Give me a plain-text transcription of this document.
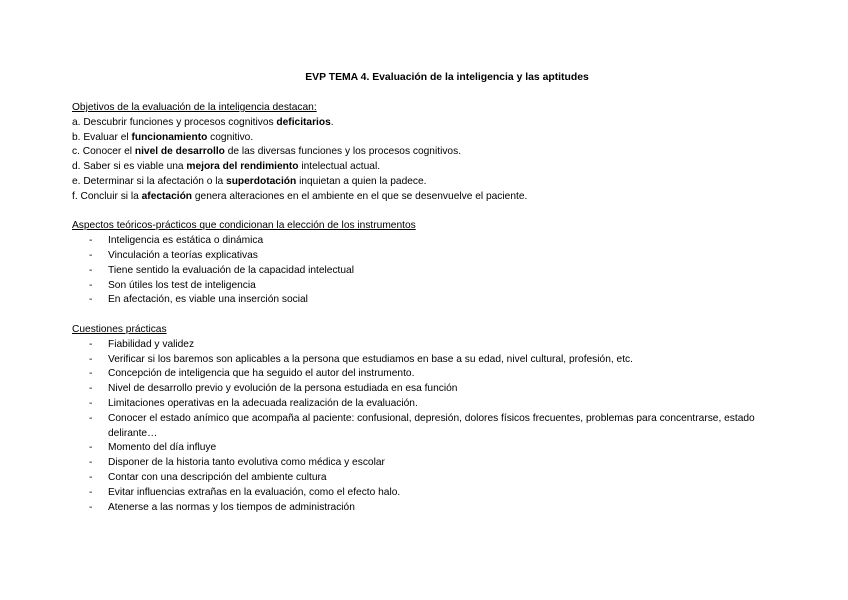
EVP TEMA 4. Evaluación de la inteligencia y las aptitudes
Objetivos de la evaluación de la inteligencia destacan:
a. Descubrir funciones y procesos cognitivos deficitarios.
b. Evaluar el funcionamiento cognitivo.
c. Conocer el nivel de desarrollo de las diversas funciones y los procesos cognitivos.
d. Saber si es viable una mejora del rendimiento intelectual actual.
e. Determinar si la afectación o la superdotación inquietan a quien la padece.
f. Concluir si la afectación genera alteraciones en el ambiente en el que se desenvuelve el paciente.
Aspectos teóricos-prácticos que condicionan la elección de los instrumentos
- Inteligencia es estática o dinámica
- Vinculación a teorías explicativas
- Tiene sentido la evaluación de la capacidad intelectual
- Son útiles los test de inteligencia
- En afectación, es viable una inserción social
Cuestiones prácticas
- Fiabilidad y validez
- Verificar si los baremos son aplicables a la persona que estudiamos en base a su edad, nivel cultural, profesión, etc.
- Concepción de inteligencia que ha seguido el autor del instrumento.
- Nivel de desarrollo previo y evolución de la persona estudiada en esa función
- Limitaciones operativas en la adecuada realización de la evaluación.
- Conocer el estado anímico que acompaña al paciente: confusional, depresión, dolores físicos frecuentes, problemas para concentrarse, estado delirante…
- Momento del día influye
- Disponer de la historia tanto evolutiva como médica y escolar
- Contar con una descripción del ambiente cultura
- Evitar influencias extrañas en la evaluación, como el efecto halo.
- Atenerse a las normas y los tiempos de administración
